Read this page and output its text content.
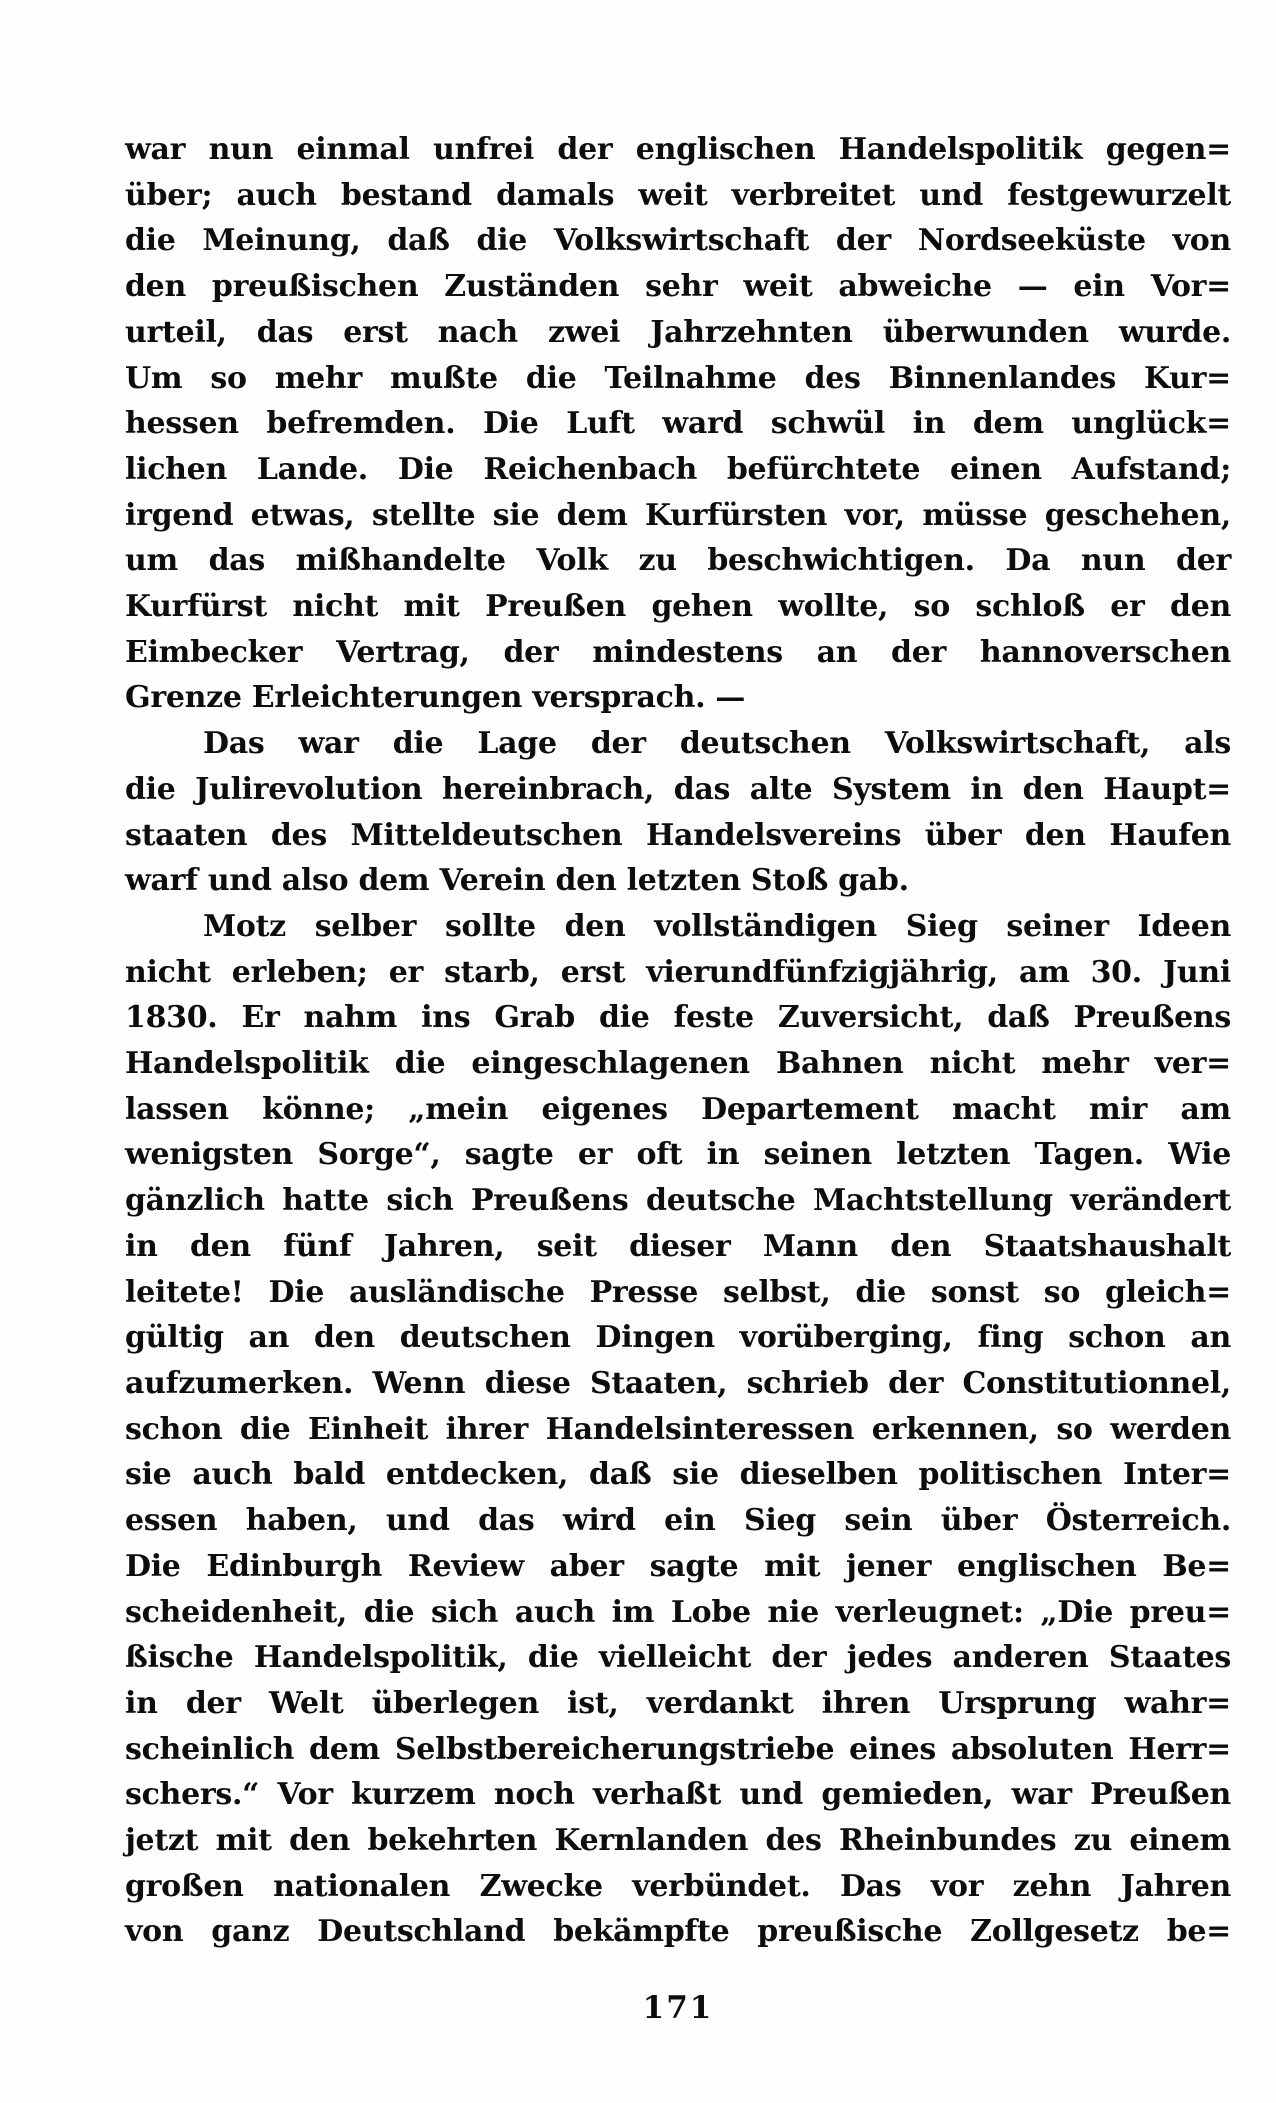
war nun einmal unfrei der englischen Handelspolitik gegen=
über; auch bestand damals weit verbreitet und festgewurzelt
die Meinung, daß die Volkswirtschaft der Nordseeküste von
den preußischen Zuständen sehr weit abweiche — ein Vor=
urteil, das erst nach zwei Jahrzehnten überwunden wurde.
Um so mehr mußte die Teilnahme des Binnenlandes Kur=
hessen befremden. Die Luft ward schwül in dem unglück=
lichen Lande. Die Reichenbach befürchtete einen Aufstand;
irgend etwas, stellte sie dem Kurfürsten vor, müsse geschehen,
um das mißhandelte Volk zu beschwichtigen. Da nun der
Kurfürst nicht mit Preußen gehen wollte, so schloß er den
Eimbecker Vertrag, der mindestens an der hannoverschen
Grenze Erleichterungen versprach. —
Das war die Lage der deutschen Volkswirtschaft, als
die Julirevolution hereinbrach, das alte System in den Haupt=
staaten des Mitteldeutschen Handelsvereins über den Haufen
warf und also dem Verein den letzten Stoß gab.
Motz selber sollte den vollständigen Sieg seiner Ideen
nicht erleben; er starb, erst vierundfünfzigjährig, am 30. Juni
1830. Er nahm ins Grab die feste Zuversicht, daß Preußens
Handelspolitik die eingeschlagenen Bahnen nicht mehr ver=
lassen könne; „mein eigenes Departement macht mir am
wenigsten Sorge“, sagte er oft in seinen letzten Tagen. Wie
gänzlich hatte sich Preußens deutsche Machtstellung verändert
in den fünf Jahren, seit dieser Mann den Staatshaushalt
leitete! Die ausländische Presse selbst, die sonst so gleich=
gültig an den deutschen Dingen vorüberging, fing schon an
aufzumerken. Wenn diese Staaten, schrieb der Constitutionnel,
schon die Einheit ihrer Handelsinteressen erkennen, so werden
sie auch bald entdecken, daß sie dieselben politischen Inter=
essen haben, und das wird ein Sieg sein über Österreich.
Die Edinburgh Review aber sagte mit jener englischen Be=
scheidenheit, die sich auch im Lobe nie verleugnet: „Die preu=
ßische Handelspolitik, die vielleicht der jedes anderen Staates
in der Welt überlegen ist, verdankt ihren Ursprung wahr=
scheinlich dem Selbstbereicherungstriebe eines absoluten Herr=
schers.“ Vor kurzem noch verhaßt und gemieden, war Preußen
jetzt mit den bekehrten Kernlanden des Rheinbundes zu einem
großen nationalen Zwecke verbündet. Das vor zehn Jahren
von ganz Deutschland bekämpfte preußische Zollgesetz be=
171
